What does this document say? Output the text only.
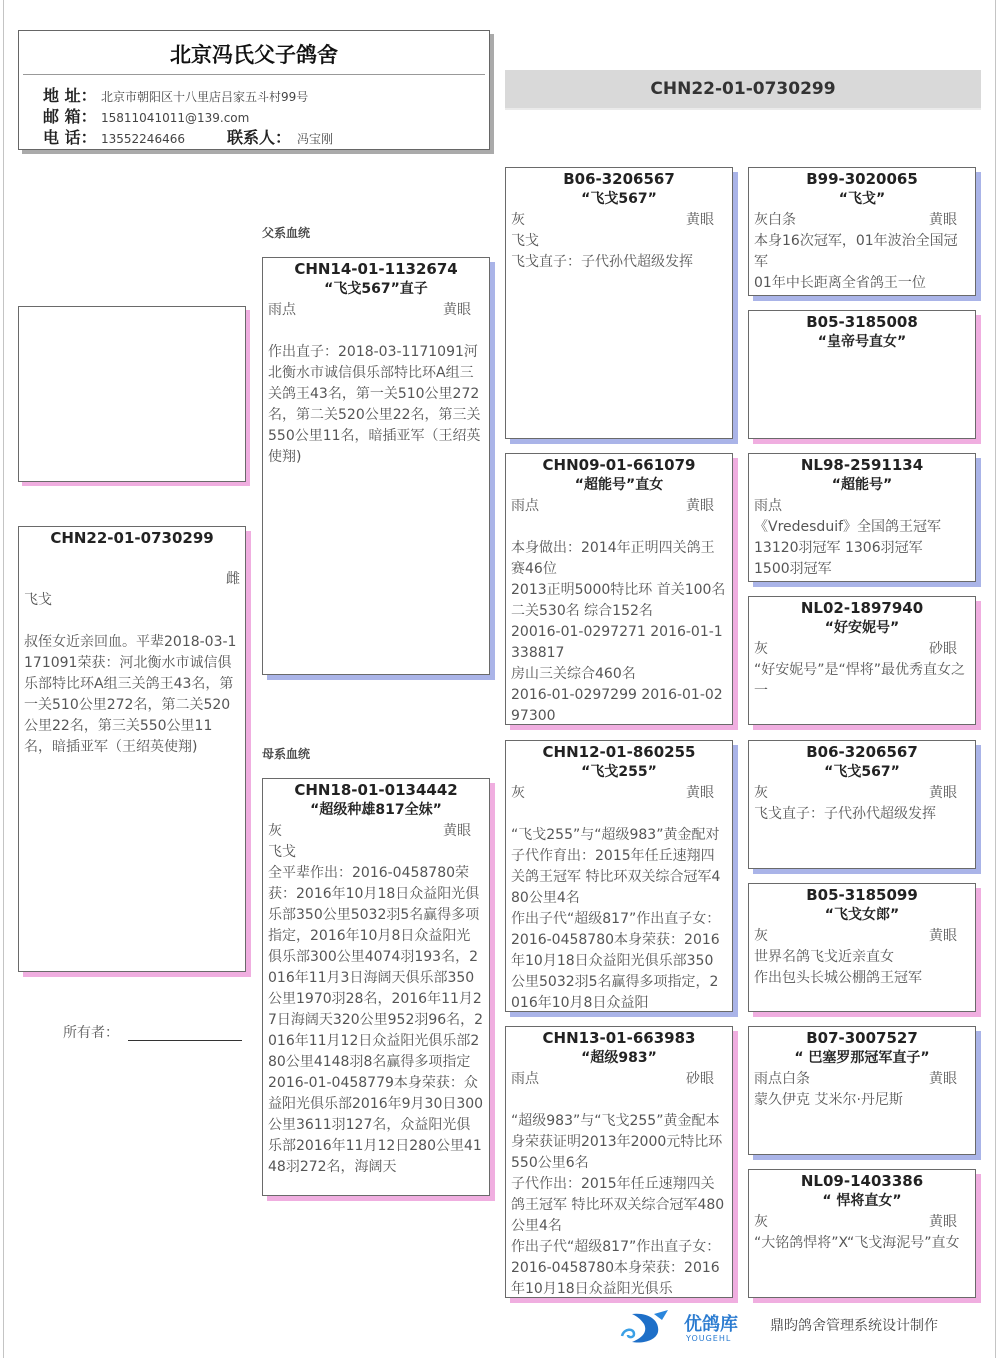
北京冯氏父子鸽舍
地 址： 北京市朝阳区十八里店吕家五斗村99号
邮 箱： 15811041011@139.com
电 话： 13552246466	联系人： 冯宝刚
CHN22-01-0730299
CHN22-01-0730299
雌
飞戈
叔侄女近亲回血。平辈2018-03-1171091荣获：河北衡水市诚信俱乐部特比环A组三关鸽王43名，第一关510公里272名，第二关520公里22名，第三关550公里11名，暗插亚军（王绍英使翔)
所有者：
父系血统
母系血统
CHN14-01-1132674
“飞戈567”直子
雨点	黄眼
作出直子：2018-03-1171091河北衡水市诚信俱乐部特比环A组三关鸽王43名，第一关510公里272名，第二关520公里22名，第三关550公里11名，暗插亚军（王绍英使翔)
CHN18-01-0134442
“超级种雄817全妹”
灰	黄眼
飞戈
全平辈作出：2016-0458780荣获：2016年10月18日众益阳光俱乐部350公里5032羽5名赢得多项指定，2016年10月8日众益阳光俱乐部300公里4074羽193名，2016年11月3日海阔天俱乐部350公里1970羽28名，2016年11月27日海阔天320公里952羽96名，2016年11月12日众益阳光俱乐部280公里4148羽8名赢得多项指定
2016-01-0458779本身荣获：众益阳光俱乐部2016年9月30日300公里3611羽127名，众益阳光俱乐部2016年11月12日280公里4148羽272名，海阔天
B06-3206567
“飞戈567”
灰	黄眼
飞戈
飞戈直子：子代孙代超级发挥
CHN09-01-661079
“超能号”直女
雨点	黄眼
本身做出：2014年正明四关鸽王赛46位
2013正明5000特比环 首关100名 二关530名 综合152名
20016-01-0297271 2016-01-1338817
房山三关综合460名
2016-01-0297299 2016-01-0297300
CHN12-01-860255
“飞戈255”
灰	黄眼
“飞戈255”与“超级983”黄金配对子代作育出：2015年任丘速翔四关鸽王冠军 特比环双关综合冠军480公里4名
作出子代“超级817”作出直子女：2016-0458780本身荣获：2016年10月18日众益阳光俱乐部350公里5032羽5名赢得多项指定，2016年10月8日众益阳
CHN13-01-663983
“超级983”
雨点	砂眼
“超级983”与“飞戈255”黄金配本身荣获证明2013年2000元特比环550公里6名
子代作出：2015年任丘速翔四关鸽王冠军 特比环双关综合冠军480公里4名
作出子代“超级817”作出直子女：2016-0458780本身荣获：2016年10月18日众益阳光俱乐
B99-3020065
“飞戈”
灰白条	黄眼
本身16次冠军，01年波治全国冠军
01年中长距离全省鸽王一位
B05-3185008
“皇帝号直女”
NL98-2591134
“超能号”
雨点
《Vredesduif》全国鸽王冠军
13120羽冠军 1306羽冠军
1500羽冠军
NL02-1897940
“好安妮号”
灰	砂眼
“好安妮号”是“悍将”最优秀直女之一
B06-3206567
“飞戈567”
灰	黄眼
飞戈直子：子代孙代超级发挥
B05-3185099
“飞戈女郎”
灰	黄眼
世界名鸽飞戈近亲直女
作出包头长城公棚鸽王冠军
B07-3007527
“ 巴塞罗那冠军直子”
雨点白条	黄眼
蒙久伊克 艾米尔·丹尼斯
NL09-1403386
“ 悍将直女”
灰	黄眼
“大铭鸽悍将”X“飞戈海泥号”直女
优鸽库
YOUGEHL
鼎昀鸽舍管理系统设计制作
